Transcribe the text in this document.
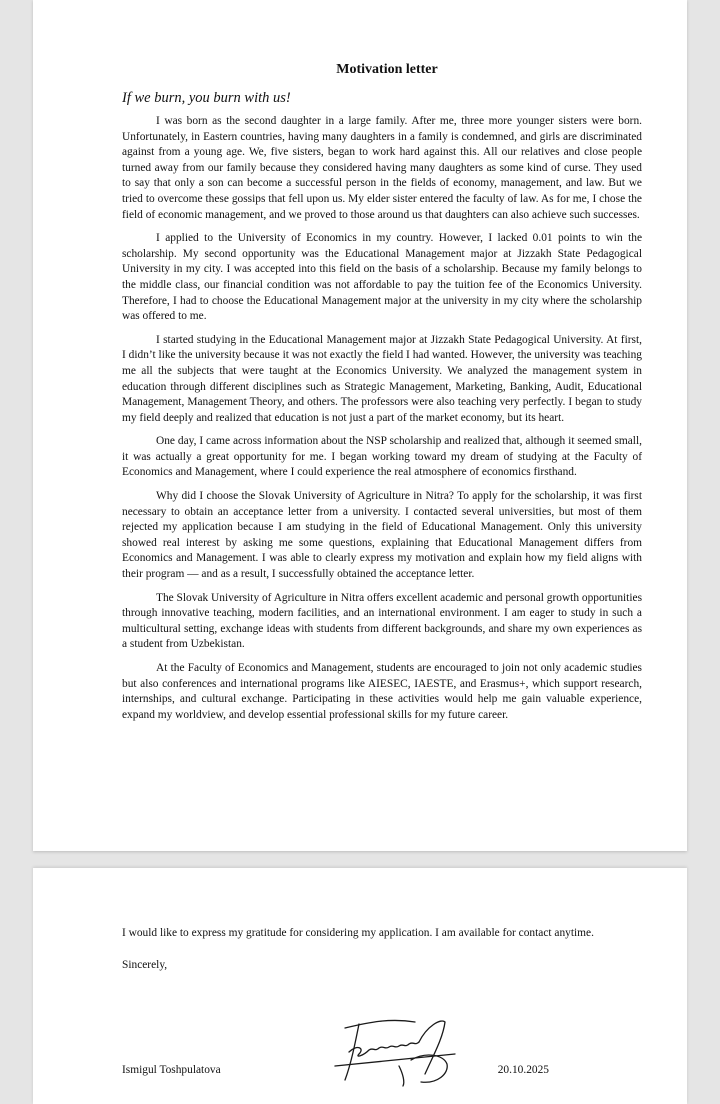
Motivation letter

If we burn, you burn with us!

I was born as the second daughter in a large family. After me, three more younger sisters were born. Unfortunately, in Eastern countries, having many daughters in a family is condemned, and girls are discriminated against from a young age. We, five sisters, began to work hard against this. All our relatives and close people turned away from our family because they considered having many daughters as some kind of curse. They used to say that only a son can become a successful person in the fields of economy, management, and law. But we tried to overcome these gossips that fell upon us. My elder sister entered the faculty of law. As for me, I chose the field of economic management, and we proved to those around us that daughters can also achieve such successes.

I applied to the University of Economics in my country. However, I lacked 0.01 points to win the scholarship. My second opportunity was the Educational Management major at Jizzakh State Pedagogical University in my city. I was accepted into this field on the basis of a scholarship. Because my family belongs to the middle class, our financial condition was not affordable to pay the tuition fee of the Economics University. Therefore, I had to choose the Educational Management major at the university in my city where the scholarship was offered to me.

I started studying in the Educational Management major at Jizzakh State Pedagogical University. At first, I didn’t like the university because it was not exactly the field I had wanted. However, the university was teaching me all the subjects that were taught at the Economics University. We analyzed the management system in education through different disciplines such as Strategic Management, Marketing, Banking, Audit, Educational Management, Management Theory, and others. The professors were also teaching very perfectly. I began to study my field deeply and realized that education is not just a part of the market economy, but its heart.

One day, I came across information about the NSP scholarship and realized that, although it seemed small, it was actually a great opportunity for me. I began working toward my dream of studying at the Faculty of Economics and Management, where I could experience the real atmosphere of economics firsthand.

Why did I choose the Slovak University of Agriculture in Nitra? To apply for the scholarship, it was first necessary to obtain an acceptance letter from a university. I contacted several universities, but most of them rejected my application because I am studying in the field of Educational Management. Only this university showed real interest by asking me some questions, explaining that Educational Management differs from Economics and Management. I was able to clearly express my motivation and explain how my field aligns with their program — and as a result, I successfully obtained the acceptance letter.

The Slovak University of Agriculture in Nitra offers excellent academic and personal growth opportunities through innovative teaching, modern facilities, and an international environment. I am eager to study in such a multicultural setting, exchange ideas with students from different backgrounds, and share my own experiences as a student from Uzbekistan.

At the Faculty of Economics and Management, students are encouraged to join not only academic studies but also conferences and international programs like AIESEC, IAESTE, and Erasmus+, which support research, internships, and cultural exchange. Participating in these activities would help me gain valuable experience, expand my worldview, and develop essential professional skills for my future career.

I would like to express my gratitude for considering my application. I am available for contact anytime.

Sincerely,

Ismigul Toshpulatova	20.10.2025
